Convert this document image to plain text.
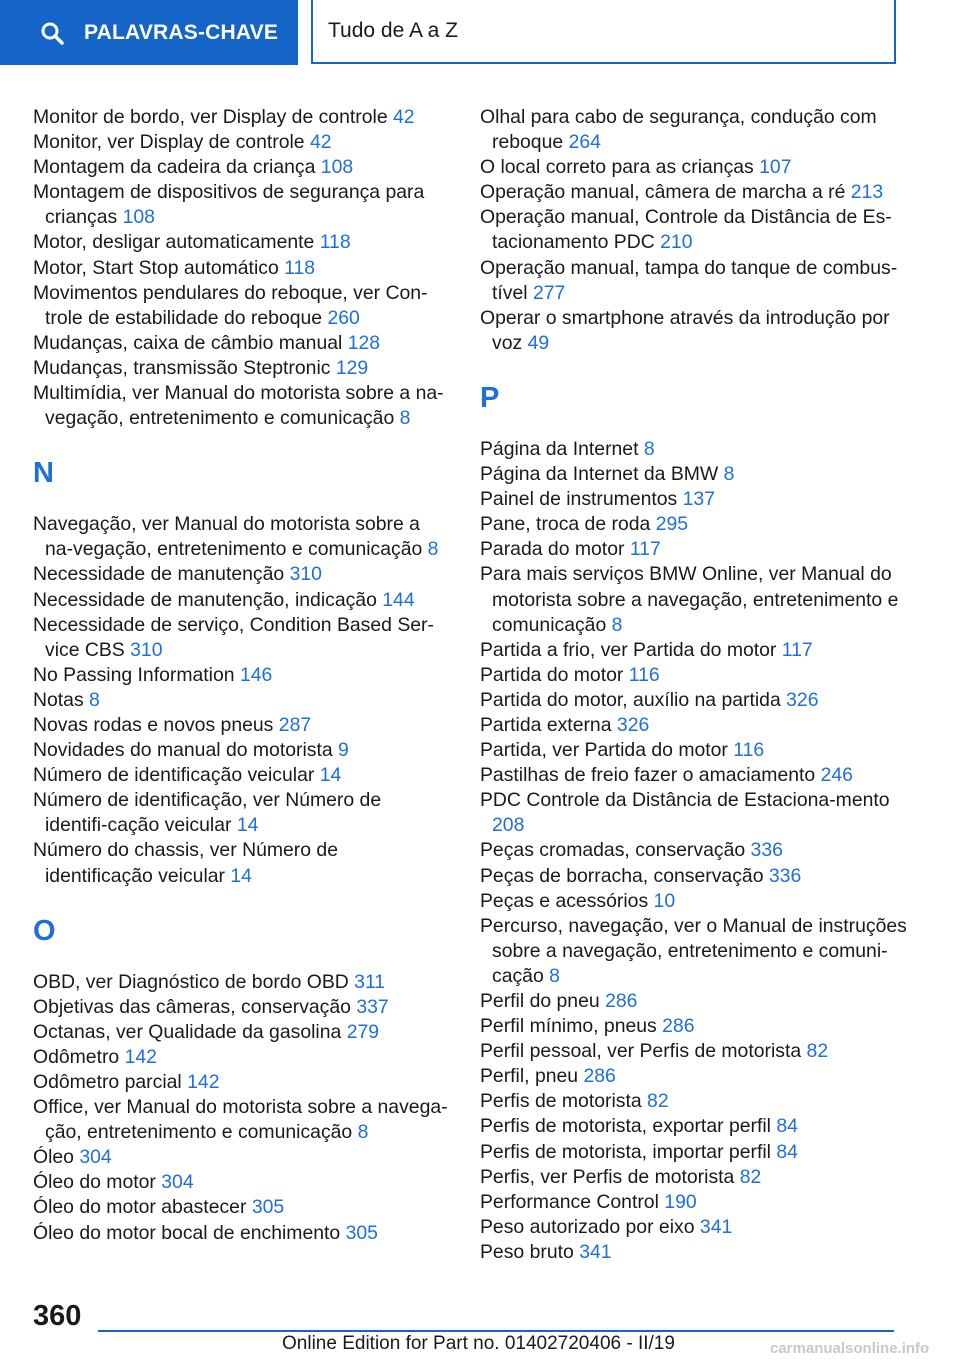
PALAVRAS-CHAVE Tudo de A a Z

Monitor de bordo, ver Display de controle 42

Monitor, ver Display de controle 42

Montagem da cadeira da criança 108

Montagem de dispositivos de segurança para crianças 108

Motor, desligar automaticamente 118

Motor, Start Stop automático 118

Movimentos pendulares do reboque, ver Con-trole de estabilidade do reboque 260

Mudanças, caixa de câmbio manual 128

Mudanças, transmissão Steptronic 129

Multimídia, ver Manual do motorista sobre a na-vegação, entretenimento e comunicação 8

N

Navegação, ver Manual do motorista sobre a na-vegação, entretenimento e comunicação 8

Necessidade de manutenção 310

Necessidade de manutenção, indicação 144

Necessidade de serviço, Condition Based Ser-vice CBS 310

No Passing Information 146

Notas 8

Novas rodas e novos pneus 287

Novidades do manual do motorista 9

Número de identificação veicular 14

Número de identificação, ver Número de identifi-cação veicular 14

Número do chassis, ver Número de identificação veicular 14

O

OBD, ver Diagnóstico de bordo OBD 311

Objetivas das câmeras, conservação 337

Octanas, ver Qualidade da gasolina 279

Odômetro 142

Odômetro parcial 142

Office, ver Manual do motorista sobre a navega-ção, entretenimento e comunicação 8

Óleo 304

Óleo do motor 304

Óleo do motor abastecer 305

Óleo do motor bocal de enchimento 305

Olhal para cabo de segurança, condução com reboque 264

O local correto para as crianças 107

Operação manual, câmera de marcha a ré 213

Operação manual, Controle da Distância de Es-tacionamento PDC 210

Operação manual, tampa do tanque de combus-tível 277

Operar o smartphone através da introdução por voz 49

P

Página da Internet 8

Página da Internet da BMW 8

Painel de instrumentos 137

Pane, troca de roda 295

Parada do motor 117

Para mais serviços BMW Online, ver Manual do motorista sobre a navegação, entretenimento e comunicação 8

Partida a frio, ver Partida do motor 117

Partida do motor 116

Partida do motor, auxílio na partida 326

Partida externa 326

Partida, ver Partida do motor 116

Pastilhas de freio fazer o amaciamento 246

PDC Controle da Distância de Estaciona-mento 208

Peças cromadas, conservação 336

Peças de borracha, conservação 336

Peças e acessórios 10

Percurso, navegação, ver o Manual de instruções sobre a navegação, entretenimento e comuni-cação 8

Perfil do pneu 286

Perfil mínimo, pneus 286

Perfil pessoal, ver Perfis de motorista 82

Perfil, pneu 286

Perfis de motorista 82

Perfis de motorista, exportar perfil 84

Perfis de motorista, importar perfil 84

Perfis, ver Perfis de motorista 82

Performance Control 190

Peso autorizado por eixo 341

Peso bruto 341

360
Online Edition for Part no. 01402720406 - II/19	carmanualsonline.info
